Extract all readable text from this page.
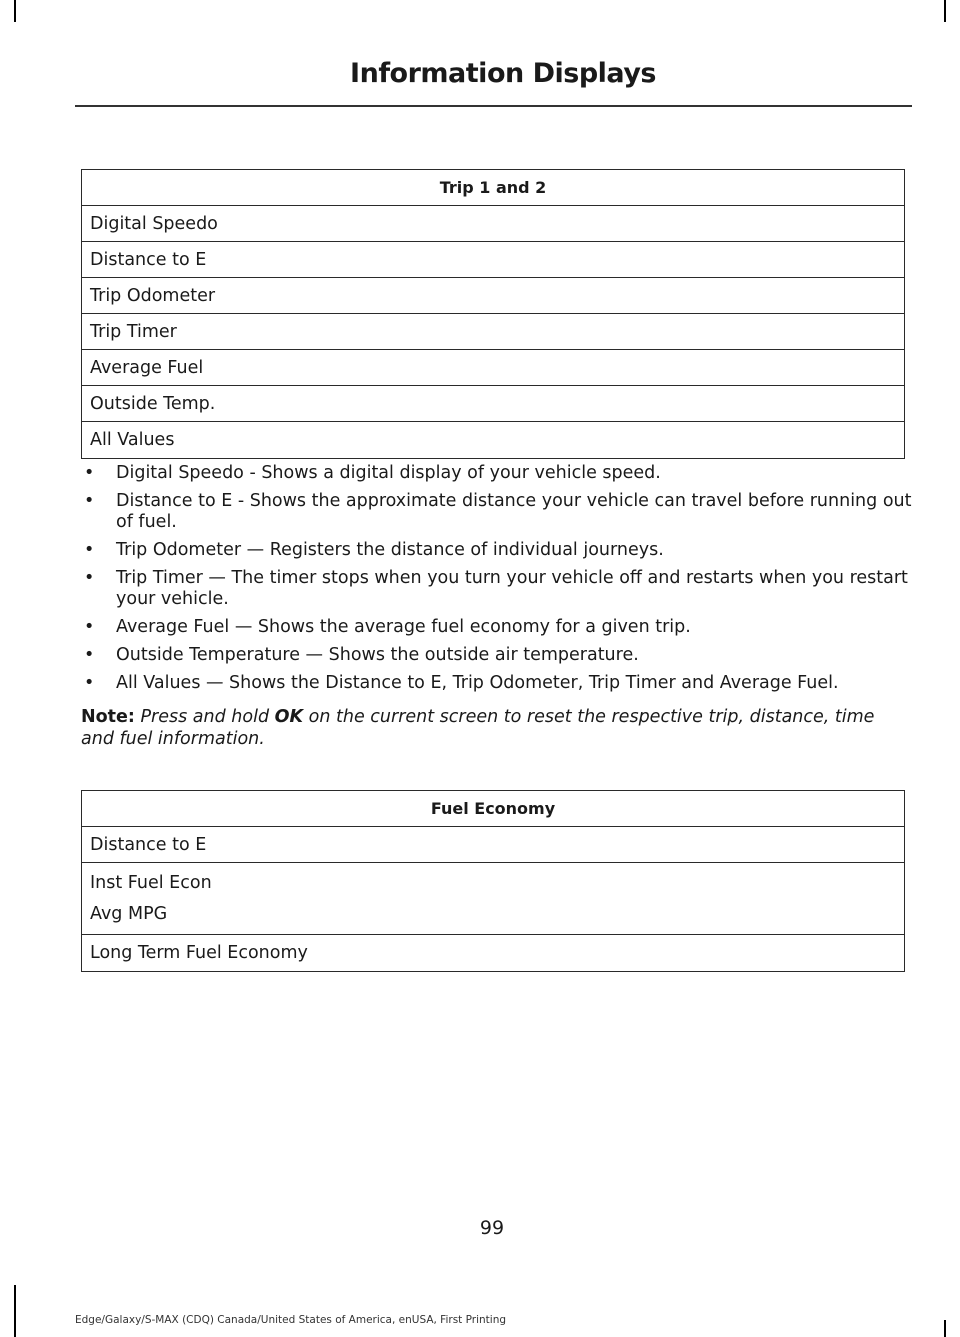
Information Displays
Trip 1 and 2
Digital Speedo
Distance to E
Trip Odometer
Trip Timer
Average Fuel
Outside Temp.
All Values
• Digital Speedo - Shows a digital display of your vehicle speed.
• Distance to E - Shows the approximate distance your vehicle can travel before running out of fuel.
• Trip Odometer — Registers the distance of individual journeys.
• Trip Timer — The timer stops when you turn your vehicle off and restarts when you restart your vehicle.
• Average Fuel — Shows the average fuel economy for a given trip.
• Outside Temperature — Shows the outside air temperature.
• All Values — Shows the Distance to E, Trip Odometer, Trip Timer and Average Fuel.
Note: Press and hold OK on the current screen to reset the respective trip, distance, time and fuel information.
Fuel Economy
Distance to E
Inst Fuel Econ
Avg MPG
Long Term Fuel Economy
99
Edge/Galaxy/S-MAX (CDQ) Canada/United States of America, enUSA, First Printing
